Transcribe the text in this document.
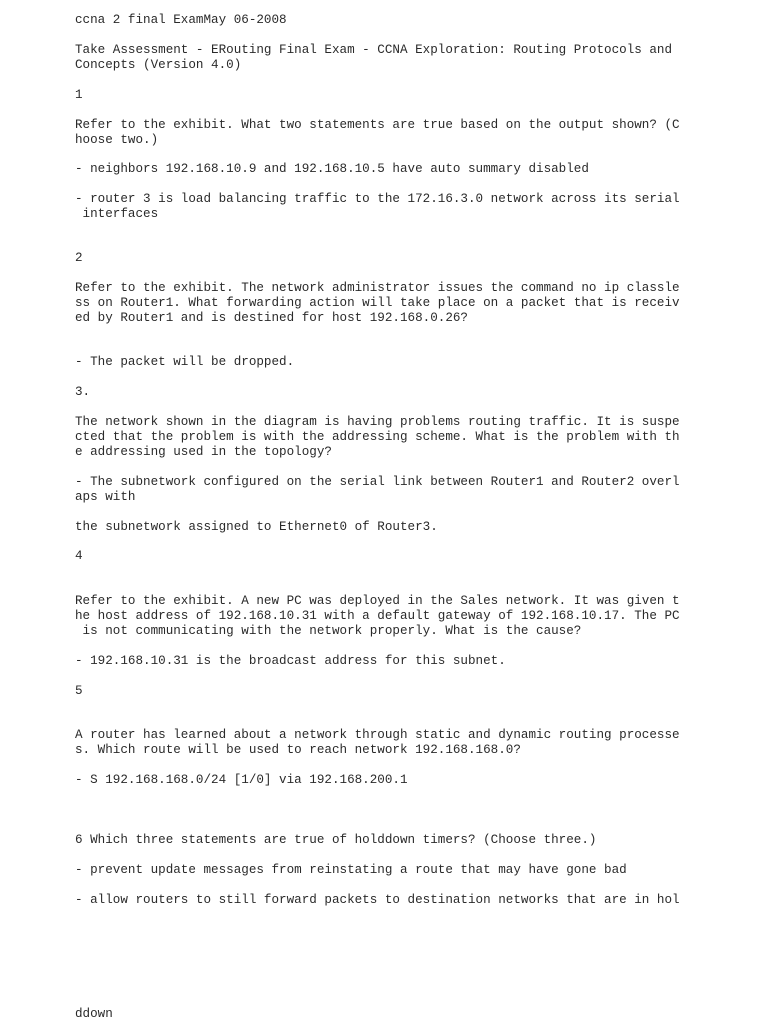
ccna 2 final ExamMay 06-2008

Take Assessment - ERouting Final Exam - CCNA Exploration: Routing Protocols and

Concepts (Version 4.0)

1

Refer to the exhibit. What two statements are true based on the output shown? (C

hoose two.)

- neighbors 192.168.10.9 and 192.168.10.5 have auto summary disabled

- router 3 is load balancing traffic to the 172.16.3.0 network across its serial

interfaces

2

Refer to the exhibit. The network administrator issues the command no ip classle

ss on Router1. What forwarding action will take place on a packet that is receiv

ed by Router1 and is destined for host 192.168.0.26?

- The packet will be dropped.

3.

The network shown in the diagram is having problems routing traffic. It is suspe

cted that the problem is with the addressing scheme. What is the problem with th

e addressing used in the topology?

- The subnetwork configured on the serial link between Router1 and Router2 overl

aps with

the subnetwork assigned to Ethernet0 of Router3.

4

Refer to the exhibit. A new PC was deployed in the Sales network. It was given t

he host address of 192.168.10.31 with a default gateway of 192.168.10.17. The PC

is not communicating with the network properly. What is the cause?

- 192.168.10.31 is the broadcast address for this subnet.

5

A router has learned about a network through static and dynamic routing processe

s. Which route will be used to reach network 192.168.168.0?

- S 192.168.168.0/24 [1/0] via 192.168.200.1

6 Which three statements are true of holddown timers? (Choose three.)

- prevent update messages from reinstating a route that may have gone bad

- allow routers to still forward packets to destination networks that are in hol

ddown
